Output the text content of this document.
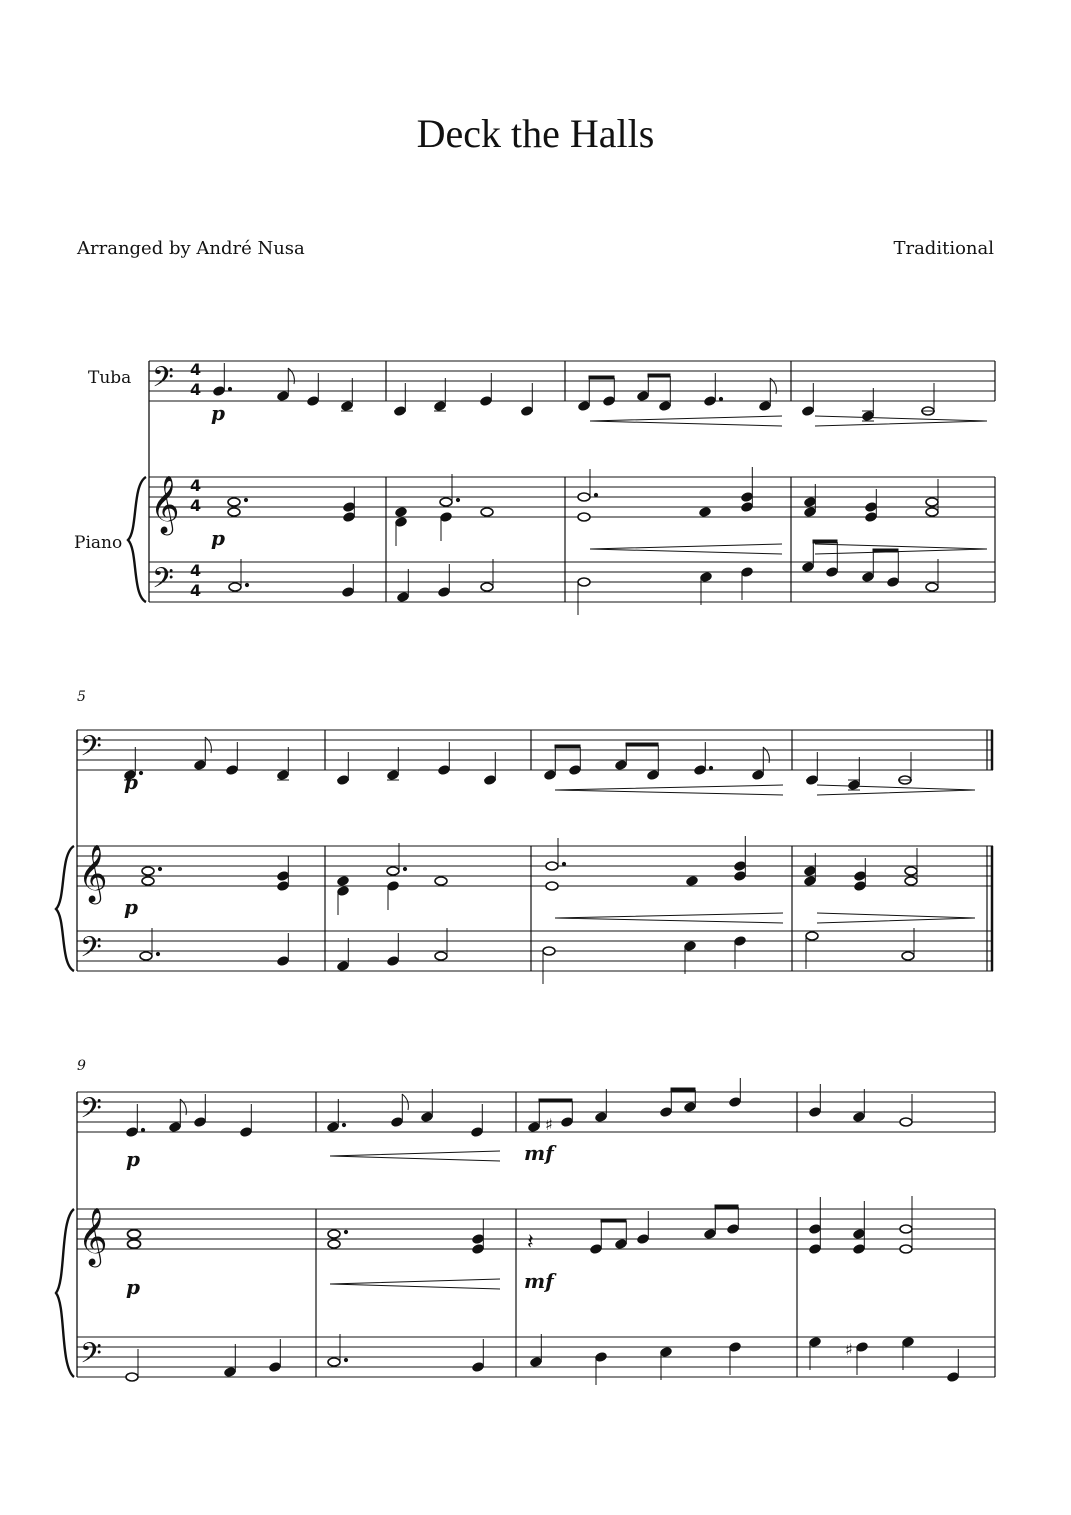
Deck the Halls
Arranged by André Nusa	Traditional
𝄢
𝄞
𝄢
4
4
4
4
4
4
Tuba
Piano
p
p
5
𝄢
𝄞
𝄢
p
p
9
𝄢
𝄞
𝄢
♯
p	mf
𝄽
p	mf
♯
